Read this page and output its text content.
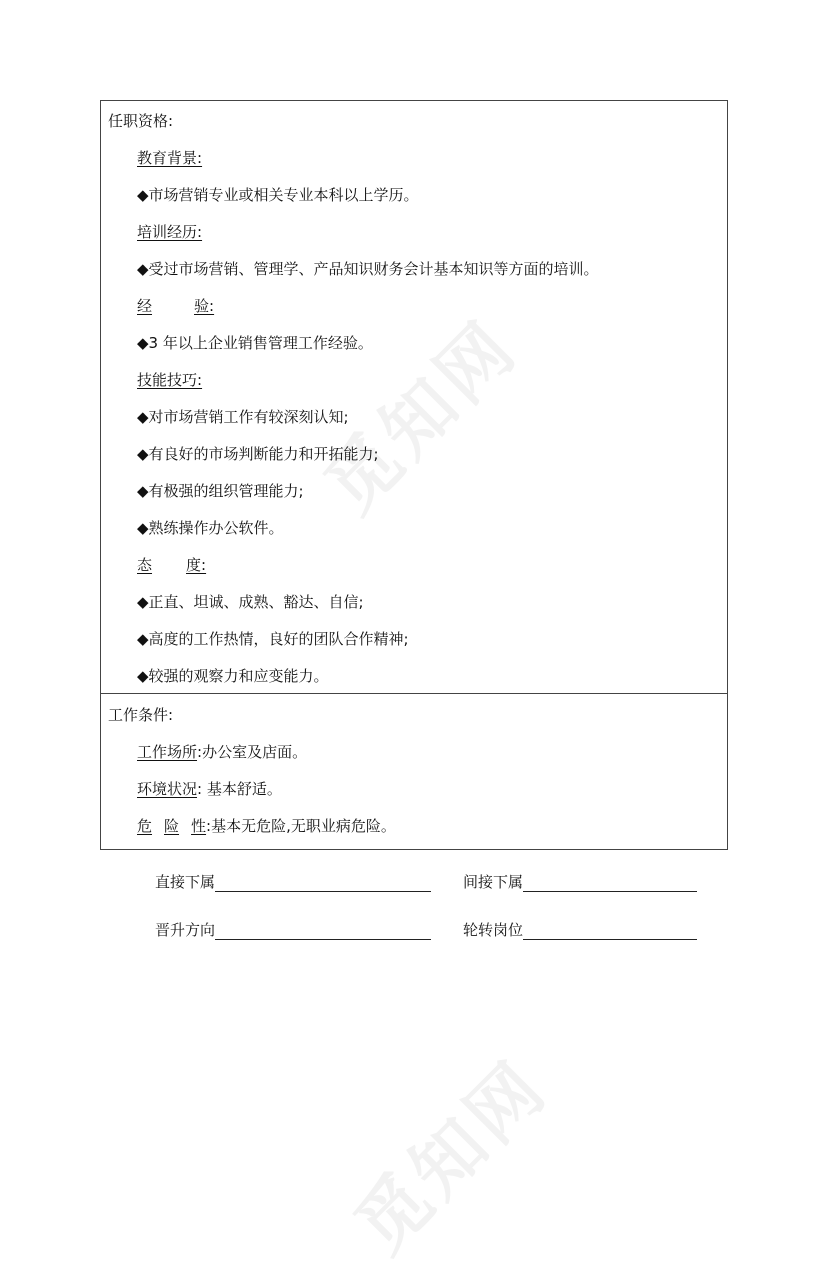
觅知网
觅知网
任职资格:
教育背景:
◆市场营销专业或相关专业本科以上学历。
培训经历:
◆受过市场营销、管理学、产品知识财务会计基本知识等方面的培训。
经	验:
◆3 年以上企业销售管理工作经验。
技能技巧:
◆对市场营销工作有较深刻认知;
◆有良好的市场判断能力和开拓能力;
◆有极强的组织管理能力;
◆熟练操作办公软件。
态 度:
◆正直、坦诚、成熟、豁达、自信;
◆高度的工作热情，良好的团队合作精神;
◆较强的观察力和应变能力。
工作条件:
工作场所:办公室及店面。
环境状况: 基本舒适。
危 险 性:基本无危险,无职业病危险。
直接下属	间接下属
晋升方向	轮转岗位
